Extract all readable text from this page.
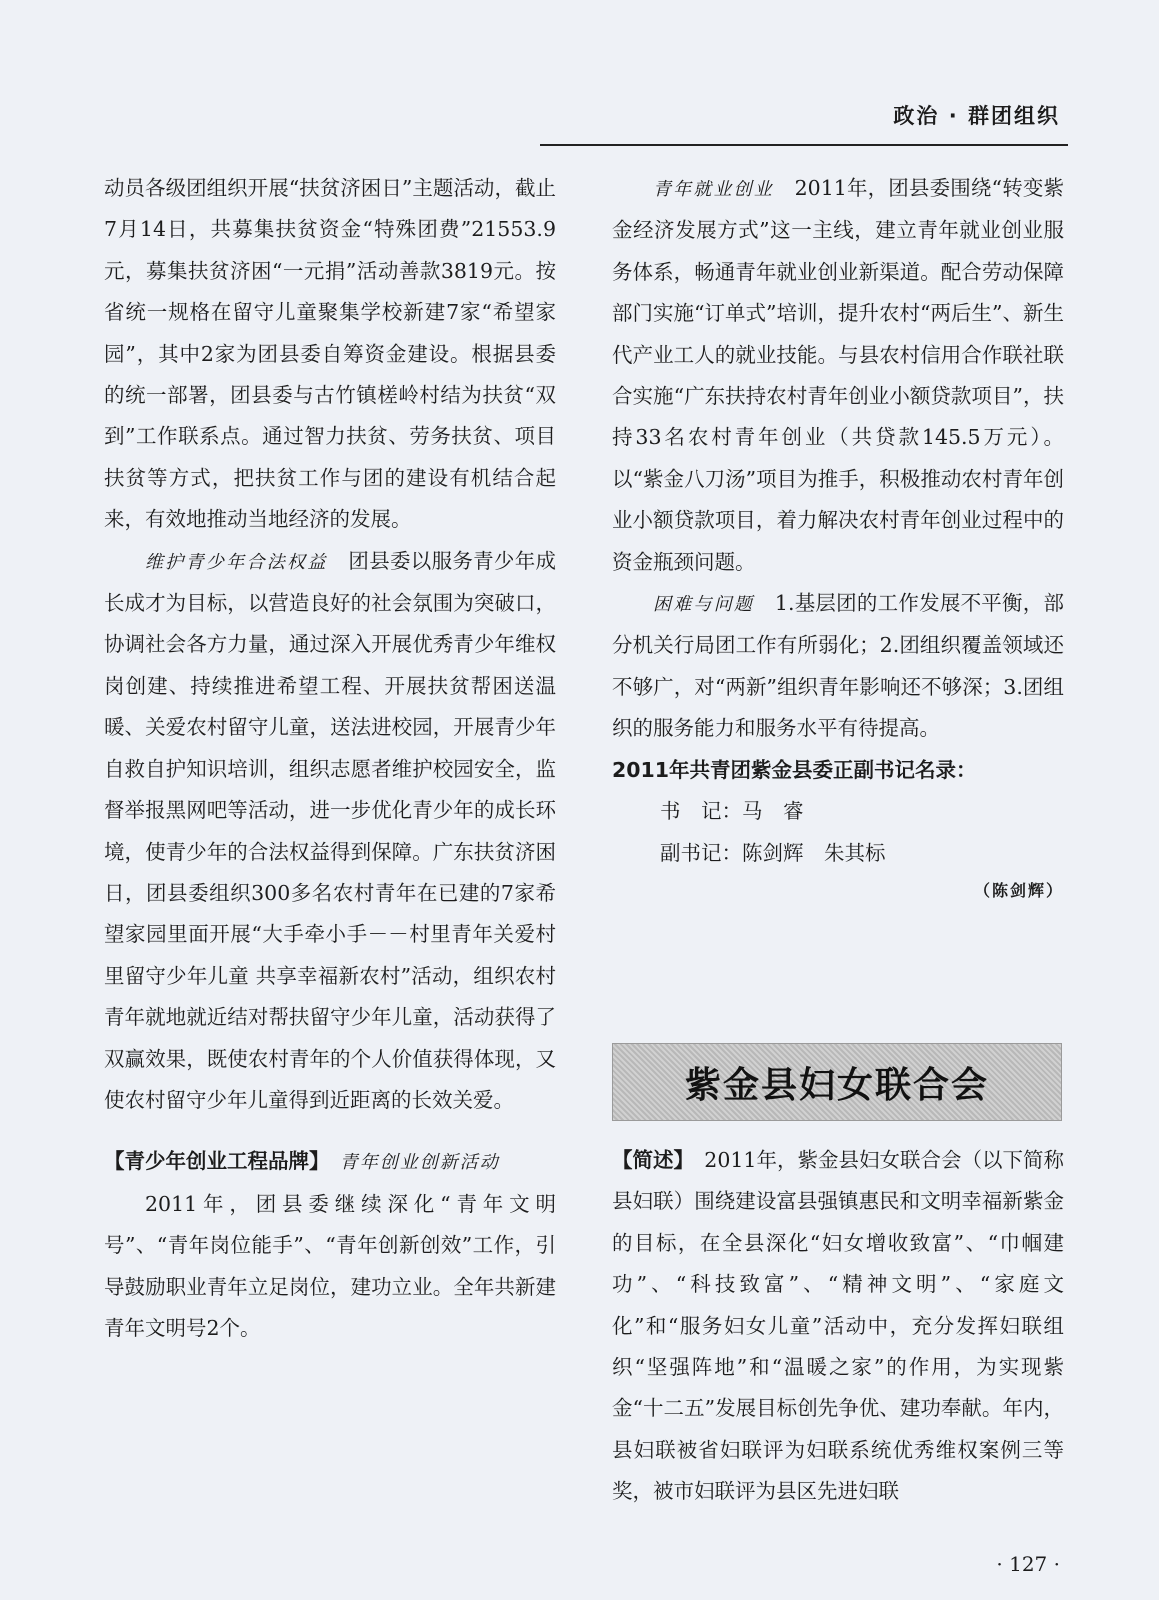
政治 · 群团组织

动员各级团组织开展“扶贫济困日”主题活动，截止7月14日，共募集扶贫资金“特殊团费”21553.9元，募集扶贫济困“一元捐”活动善款3819元。按省统一规格在留守儿童聚集学校新建7家“希望家园”，其中2家为团县委自筹资金建设。根据县委的统一部署，团县委与古竹镇槎岭村结为扶贫“双到”工作联系点。通过智力扶贫、劳务扶贫、项目扶贫等方式，把扶贫工作与团的建设有机结合起来，有效地推动当地经济的发展。

维护青少年合法权益　 团县委以服务青少年成长成才为目标，以营造良好的社会氛围为突破口，协调社会各方力量，通过深入开展优秀青少年维权岗创建、持续推进希望工程、开展扶贫帮困送温暖、关爱农村留守儿童，送法进校园，开展青少年自救自护知识培训，组织志愿者维护校园安全，监督举报黑网吧等活动，进一步优化青少年的成长环境，使青少年的合法权益得到保障。广东扶贫济困日，团县委组织300多名农村青年在已建的7家希望家园里面开展“大手牵小手－－村里青年关爱村里留守少年儿童 共享幸福新农村”活动，组织农村青年就地就近结对帮扶留守少年儿童，活动获得了双赢效果，既使农村青年的个人价值获得体现，又使农村留守少年儿童得到近距离的长效关爱。

【青少年创业工程品牌】　 青年创业创新活动

2011年，团县委继续深化“青年文明号”、“青年岗位能手”、“青年创新创效”工作，引导鼓励职业青年立足岗位，建功立业。全年共新建青年文明号2个。

青年就业创业　 2011年，团县委围绕“转变紫金经济发展方式”这一主线，建立青年就业创业服务体系，畅通青年就业创业新渠道。配合劳动保障部门实施“订单式”培训，提升农村“两后生”、新生代产业工人的就业技能。与县农村信用合作联社联合实施“广东扶持农村青年创业小额贷款项目”，扶持33名农村青年创业（共贷款145.5万元）。以“紫金八刀汤”项目为推手，积极推动农村青年创业小额贷款项目，着力解决农村青年创业过程中的资金瓶颈问题。

困难与问题　 1.基层团的工作发展不平衡，部分机关行局团工作有所弱化；2.团组织覆盖领域还不够广，对“两新”组织青年影响还不够深；3.团组织的服务能力和服务水平有待提高。

2011年共青团紫金县委正副书记名录：

书　记：马　睿
副书记：陈剑辉　朱其标
（陈剑辉）
紫金县妇女联合会

【简述】　 2011年，紫金县妇女联合会（以下简称县妇联）围绕建设富县强镇惠民和文明幸福新紫金的目标，在全县深化“妇女增收致富”、“巾帼建功”、“科技致富”、“精神文明”、“家庭文化”和“服务妇女儿童”活动中，充分发挥妇联组织“坚强阵地”和“温暖之家”的作用，为实现紫金“十二五”发展目标创先争优、建功奉献。年内，县妇联被省妇联评为妇联系统优秀维权案例三等奖，被市妇联评为县区先进妇联

· 127 ·
